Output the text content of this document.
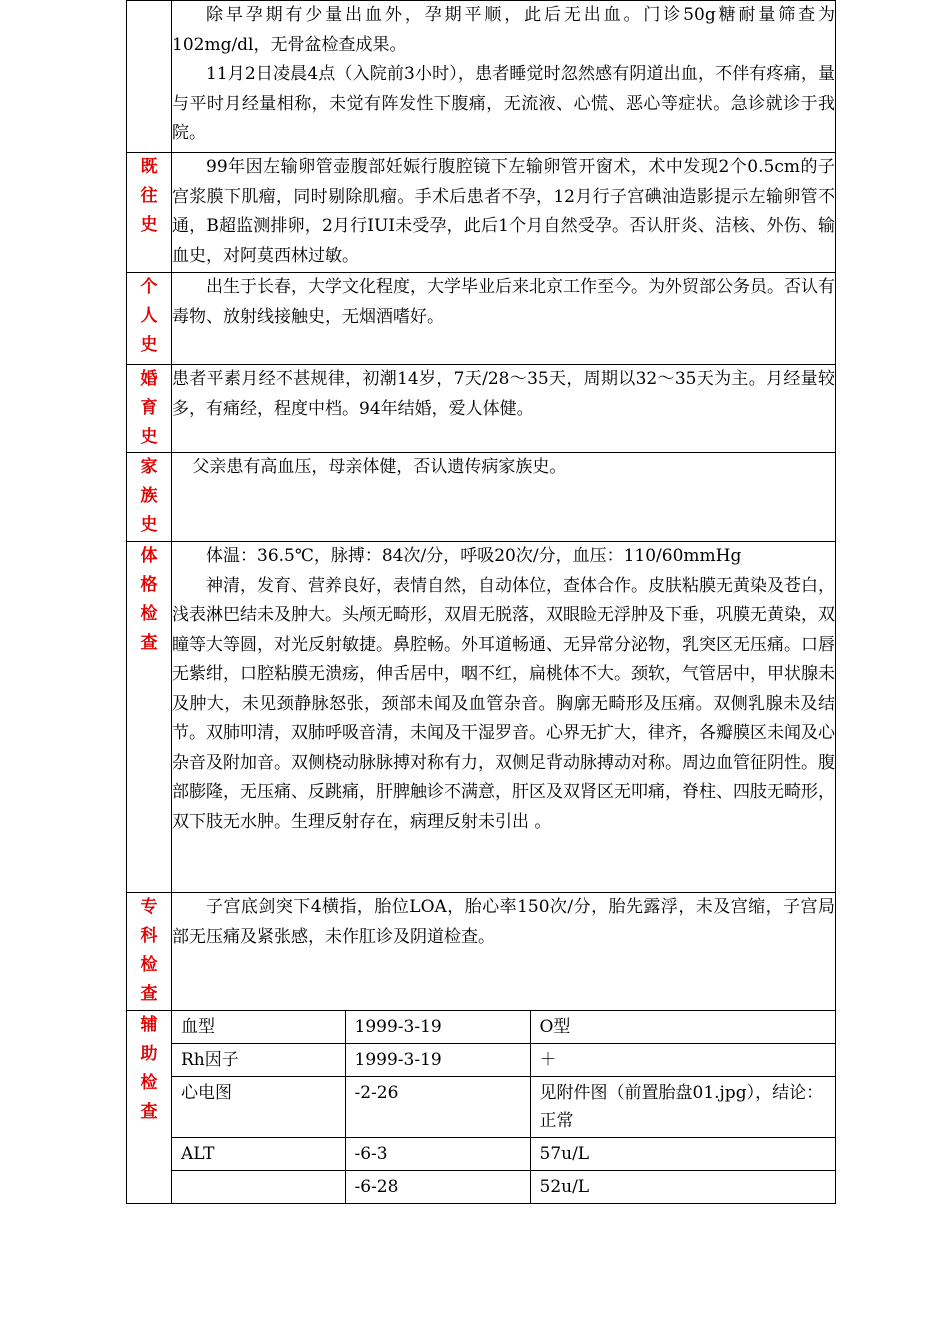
除早孕期有少量出血外，孕期平顺，此后无出血。门诊50g糖耐量筛查为102mg/dl，无骨盆检查成果。

11月2日凌晨4点（入院前3小时），患者睡觉时忽然感有阴道出血，不伴有疼痛，量与平时月经量相称，未觉有阵发性下腹痛，无流液、心慌、恶心等症状。急诊就诊于我院。

既
往
史

99年因左输卵管壶腹部妊娠行腹腔镜下左输卵管开窗术，术中发现2个0.5cm的子宫浆膜下肌瘤，同时剔除肌瘤。手术后患者不孕，12月行子宫碘油造影提示左输卵管不通，B超监测排卵，2月行IUI未受孕，此后1个月自然受孕。否认肝炎、洁核、外伤、输血史，对阿莫西林过敏。

个
人
史

出生于长春，大学文化程度，大学毕业后来北京工作至今。为外贸部公务员。否认有毒物、放射线接触史，无烟酒嗜好。

婚
育
史

患者平素月经不甚规律，初潮14岁，7天/28～35天，周期以32～35天为主。月经量较多，有痛经，程度中档。94年结婚，爱人体健。

家
族
史

父亲患有高血压，母亲体健，否认遗传病家族史。

体
格
检
查

体温：36.5℃，脉搏：84次/分，呼吸20次/分，血压：110/60mmHg

神清，发育、营养良好，表情自然，自动体位，查体合作。皮肤粘膜无黄染及苍白，浅表淋巴结未及肿大。头颅无畸形，双眉无脱落，双眼睑无浮肿及下垂，巩膜无黄染，双瞳等大等圆，对光反射敏捷。鼻腔畅。外耳道畅通、无异常分泌物，乳突区无压痛。口唇无紫绀，口腔粘膜无溃疡，伸舌居中，咽不红，扁桃体不大。颈软，气管居中，甲状腺未及肿大，未见颈静脉怒张，颈部未闻及血管杂音。胸廓无畸形及压痛。双侧乳腺未及结节。双肺叩清，双肺呼吸音清，未闻及干湿罗音。心界无扩大，律齐，各瓣膜区未闻及心杂音及附加音。双侧桡动脉脉搏对称有力，双侧足背动脉搏动对称。周边血管征阴性。腹部膨隆，无压痛、反跳痛，肝脾触诊不满意，肝区及双肾区无叩痛，脊柱、四肢无畸形，双下肢无水肿。生理反射存在，病理反射未引出 。

专
科
检
查

子宫底剑突下4横指，胎位LOA，胎心率150次/分，胎先露浮，未及宫缩，子宫局部无压痛及紧张感，未作肛诊及阴道检查。

辅
助
检
查

血型	1999-3-19	O型
Rh因子	1999-3-19	＋
心电图	-2-26	见附件图（前置胎盘01.jpg），结论：正常
ALT	-6-3	57u/L
	-6-28	52u/L
